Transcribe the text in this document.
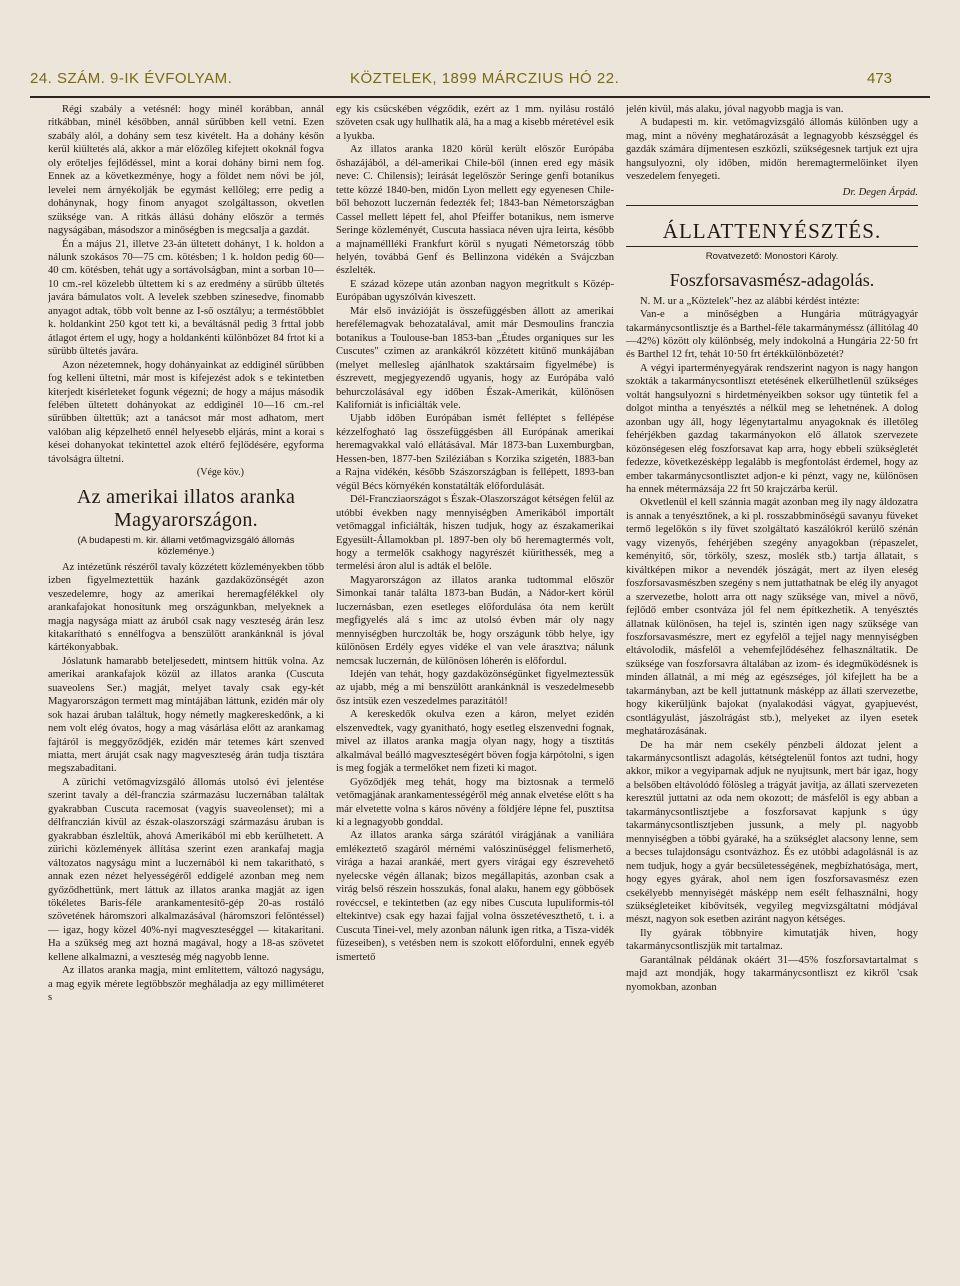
24. SZÁM. 9-IK ÉVFOLYAM.	KÖZTELEK, 1899 MÁRCZIUS HÓ 22.	473

Régi szabály a vetésnél: hogy minél korábban, annál ritkábban, minél későbben, annál sűrűbben kell vetni. Ezen szabály alól, a dohány sem tesz kivételt. Ha a dohány későn kerül kiültetés alá, akkor a már előzőleg kifejtett okoknál fogva oly erőteljes fejlődéssel, mint a korai dohány birni nem fog. Ennek az a következménye, hogy a földet nem növi be jól, levelei nem árnyékolják be egymást kellőleg; erre pedig a dohánynak, hogy finom anyagot szolgáltasson, okvetlen szüksége van. A ritkás állású dohány először a termés nagyságában, másodszor a minőségben is megcsalja a gazdát.

Én a május 21, illetve 23-án ültetett dohányt, 1 k. holdon a nálunk szokásos 70—75 cm. kötésben; 1 k. holdon pedig 60—40 cm. kötésben, tehát ugy a sortávolságban, mint a sorban 10—10 cm.-rel közelebb ültettem ki s az eredmény a sűrűbb ültetés javára bámulatos volt. A levelek szebben szinesedve, finomabb anyagot adtak, több volt benne az I-ső osztályu; a terméstöbblet k. holdankint 250 kgot tett ki, a beváltásnál pedig 3 frttal jobb átlagot értem el ugy, hogy a holdankénti különbözet 84 frtot ki a sűrübb ültetés javára.

Azon nézetemnek, hogy dohányainkat az eddiginél sűrűbben fog kelleni ültetni, már most is kifejezést adok s e tekintetben kiterjedt kisérleteket fogunk végezni; de hogy a május második felében ültetett dohányokat az eddiginél 10—16 cm.-rel sűrűbben ültettük; azt a tanácsot már most adhatom, mert valóban alig képzelhető ennél helyesebb eljárás, mint a korai s kései dohanyokat tekintettel azok eltérő fejlődésére, egyforma távolságra ültetni.

(Vége köv.)
Az amerikai illatos aranka Magyarországon.
(A budapesti m. kir. állami vetőmagvizsgáló állomás közleménye.)

Az intézetünk részéről tavaly közzétett közleményekben több izben figyelmeztettük hazánk gazdaközönségét azon veszedelemre, hogy az amerikai heremagfélékkel oly arankafajokat honosítunk meg országunkban, melyeknek a magja nagysága miatt az áruból csak nagy veszteség árán lesz kitakarítható s ennélfogva a benszülött arankánknál is jóval kártékonyabbak.

Jóslatunk hamarabb beteljesedett, mintsem hittük volna. Az amerikai arankafajok közül az illatos aranka (Cuscuta suaveolens Ser.) magját, melyet tavaly csak egy-két Magyarországon termett mag mintájában láttunk, ezidén már oly sok hazai áruban találtuk, hogy németly magkereskedőnk, a ki nem volt elég óvatos, hogy a mag vásárlása előtt az arankamag fajtáról is meggyőződjék, ezidén már tetemes kárt szenved miatta, mert áruját csak nagy magveszteség árán tudja tisztára megszabaditani.

A zürichi vetőmagvizsgáló állomás utolsó évi jelentése szerint tavaly a dél-franczia származásu luczernában találtak gyakrabban Cuscuta racemosat (vagyis suaveolenset); mi a délfranczián kivül az észak-olaszországi származásu áruban is gyakrabban észleltük, ahová Amerikából mi ebb kerülhetett. A zürichi közlemények állítása szerint ezen arankafaj magja változatos nagyságu mint a luczernából ki nem takaritható, s annak ezen nézet helyességéről eddigelé azonban meg nem győződhettünk, mert láttuk az illatos aranka magját az igen tökéletes Baris-féle arankamentesítő-gép 20-as rostáló szövetének háromszori alkalmazásával (háromszori felöntéssel) — igaz, hogy közel 40%-nyi magveszteséggel — kitakaritani. Ha a szükség meg azt hozná magával, hogy a 18-as szövetet kellene alkalmazni, a veszteség még nagyobb lenne.

Az illatos aranka magja, mint említettem, változó nagyságu, a mag egyik mérete legtöbbször megháladja az egy milliméteret s

egy kis csücskében végződik, ezért az 1 mm. nyilásu rostáló szöveten csak ugy hullhatik alá, ha a mag a kisebb méretével esik a lyukba.

Az illatos aranka 1820 körül került először Európába őshazájából, a dél-amerikai Chile-ből (innen ered egy másik neve: C. Chilensis); leirását legelőször Seringe genfi botanikus tette közzé 1840-ben, midőn Lyon mellett egy egyenesen Chile-ből behozott luczernán fedezték fel; 1843-ban Németországban Cassel mellett lépett fel, ahol Pfeiffer botanikus, nem ismerve Seringe közleményét, Cuscuta hassiaca néven ujra leirta, később a majnaméllléki Frankfurt körül s nyugati Németország több helyén, továbbá Genf és Bellinzona vidékén a Svájczban észlelték.

E század közepe után azonban nagyon megritkult s Közép-Európában ugyszólván kiveszett.

Már első invázióját is összefüggésben állott az amerikai herefélemagvak behozatalával, amit már Desmoulins franczia botanikus a Toulouse-ban 1853-ban „Études organiques sur les Cuscutes" czimen az arankákról közzétett kitűnő munkájában (melyet mellesleg ajánlhatok szaktársaim figyelmébe) is észrevett, megjegyezendő ugyanis, hogy az Európába való behurczolásával egy időben Észak-Amerikát, különösen Kaliforniát is inficiálták vele.

Ujabb időben Európában ismét felléptet s fellépése kézzelfogható lag összefüggésben áll Európának amerikai heremagvakkal való ellátásával. Már 1873-ban Luxemburgban, Hessen-ben, 1877-ben Sziléziában s Korzika szigetén, 1883-ban a Rajna vidékén, később Szászországban is fellépett, 1893-ban végül Bécs környékén konstatálták előfordulását.

Dél-Francziaországot s Észak-Olaszországot kétségen felül az utóbbi években nagy mennyiségben Amerikából importált vetőmaggal inficiálták, hiszen tudjuk, hogy az északamerikai Egyesült-Államokban pl. 1897-ben oly bő heremagtermés volt, hogy a termelők csakhogy nagyrészét kiürithessék, meg a termelési áron alul is adták el belőle.

Magyarországon az illatos aranka tudtommal először Simonkai tanár találta 1873-ban Budán, a Nádor-kert körül luczernásban, ezen esetleges előfordulása óta nem került megfigyelés alá s imc az utolsó évben már oly nagy mennyiségben hurczolták be, hogy országunk több helye, igy különösen Erdély egyes vidéke el van vele árasztva; nálunk nemcsak luczernán, de különösen lóherén is előfordul.

Idején van tehát, hogy gazdaközönségünket figyelmeztessük az ujabb, még a mi benszülött arankánknál is veszedelmesebb ősz intsük ezen veszedelmes parazitától!

A kereskedők okulva ezen a káron, melyet ezidén elszenvedtek, vagy gyanitható, hogy esetleg elszenvedni fognak, mivel az illatos aranka magja olyan nagy, hogy a tisztitás alkalmával beálló magveszteségért böven fogja kárpótolni, s igen is meg fogják a termelőket nem fizeti ki magot.

Győződjék meg tehát, hogy ma biztosnak a termelő vetőmagjának arankamentességéről még annak elvetése előtt s ha már elvetette volna s káros növény a földjére lépne fel, pusztitsa ki a legnagyobb gonddal.

Az illatos aranka sárga szárától virágjának a vaniliára emlékeztető szagáról mérnémi valószinüséggel felismerhető, virága a hazai arankáé, mert gyers virágai egy észrevehető nyelecske végén állanak; bizos megállapitás, azonban csak a virág belső részein hosszukás, fonal alaku, hanem egy göbbösek rovéccsel, e tekintetben (az egy nibes Cuscuta lupuliformis-tól eltekintve) csak egy hazai fajjal volna összetéveszthető, t. i. a Cuscuta Tinei-vel, mely azonban nálunk igen ritka, a Tisza-vidék füzeseiben), s vetésben nem is szokott előfordulni, ennek egyéb ismertető

jelén kivül, más alaku, jóval nagyobb magja is van.

A budapesti m. kir. vetőmagvizsgáló állomás különben ugy a mag, mint a növény meghatározását a legnagyobb készséggel és gazdák számára díjmentesen eszközli, szükségesnek tartjuk ezt ujra hangsulyozni, oly időben, midőn heremagtermelőinket ilyen veszedelem fenyegeti.

Dr. Degen Árpád.
ÁLLATTENYÉSZTÉS.
Rovatvezető: Monostori Károly.
Foszforsavasmész-adagolás.

N. M. ur a „Köztelek"-hez az alábbi kérdést intézte:

Van-e a minőségben a Hungária műtrágyagyár takarmánycsontlisztje és a Barthel-féle takarmányméssz (állítólag 40—42%) között oly különbség, mely indokolná a Hungária 22·50 frt és Barthel 12 frt, tehát 10·50 frt értékkülönbözetét?

A végyi iparterményegyárak rendszerint nagyon is nagy hangon szokták a takarmánycsontliszt etetésének elkerülhetlenül szükséges voltát hangsulyozni s hirdetményeikben soksor ugy tüntetik fel a dolgot mintha a tenyésztés a nélkül meg se lehetnének. A dolog azonban ugy áll, hogy légenytartalmu anyagoknak és illetőleg fehérjékben gazdag takarmányokon elő állatok szervezete közönségesen elég foszforsavat kap arra, hogy ebbeli szükségletét fedezze, következésképp legalább is megfontolást érdemel, hogy az ember takarmánycsontlisztet adjon-e ki pénzt, vagy ne, különösen ha ennek métermázsája 22 frt 50 krajczárba kerül.

Okvetlenül el kell szánnia magát azonban meg ily nagy áldozatra is annak a tenyésztőnek, a ki pl. rosszabbminőségű savanyu füveket termő legelőkön s ily füvet szolgáltató kaszálókról kerülő szénán vagy vizenyős, fehérjében szegény anyagokban (répaszelet, keményitő, sör, törköly, szesz, moslék stb.) tartja állatait, s kiváltképen mikor a nevendék jószágát, mert az ilyen eleség foszforsavasmészben szegény s nem juttathatnak be elég ily anyagot a szervezetbe, holott arra ott nagy szüksége van, mivel a növő, fejlődő ember csontváza jól fel nem építkezhetik. A tenyésztés állatnak különösen, ha tejel is, szintén igen nagy szüksége van foszforsavasmészre, mert ez egyfelől a tejjel nagy mennyiségben eltávolodik, másfelől a vehemfejlődéséhez felhasználtatik. De szüksége van foszforsavra általában az izom- és idegműködésnek is minden állatnál, a mi még az egészséges, jól kifejlett ha be a takarmányban, azt be kell juttatnunk másképp az állati szervezetbe, hogy kikerüljünk bajokat (nyalakodási vágyat, gyapjuevést, csontlágyulást, jászolrágást stb.), melyeket az ilyen esetek meghatározásának.

De ha már nem csekély pénzbeli áldozat jelent a takarmánycsontliszt adagolás, kétségtelenül fontos azt tudni, hogy akkor, mikor a vegyiparnak adjuk ne nyujtsunk, mert bár igaz, hogy a belsőben eltávolódó fölösleg a trágyát javítja, az állati szervezeten keresztül juttatni az oda nem okozott; de másfelől is egy abban a takarmánycsontlisztjebe a foszforsavat kapjunk s úgy takarmánycsontlisztjeben jussunk, a mely pl. nagyobb mennyiségben a többi gyáraké, ha a szükséglet alacsony lenne, sem a becses tulajdonságu csontvázhoz. És ez utóbbi adagolásnál is az nem tudjuk, hogy a gyár becsületességének, megbízhatósága, mert, hogy egyes gyárak, ahol nem igen foszforsavasmész ezen csekélyebb mennyiségét másképp nem esélt felhasználni, hogy szükségleteiket kibővítsék, vegyileg megvizsgáltatni módjával mészt, nagyon sok esetben aziránt nagyon kétséges.

Ily gyárak többnyire kimutatják hiven, hogy takarmánycsontliszjük mit tartalmaz.

Garantálnak példának okáért 31—45% foszforsavtartalmat s majd azt mondják, hogy takarmánycsontliszt ez kikről 'csak nyomokban, azonban
